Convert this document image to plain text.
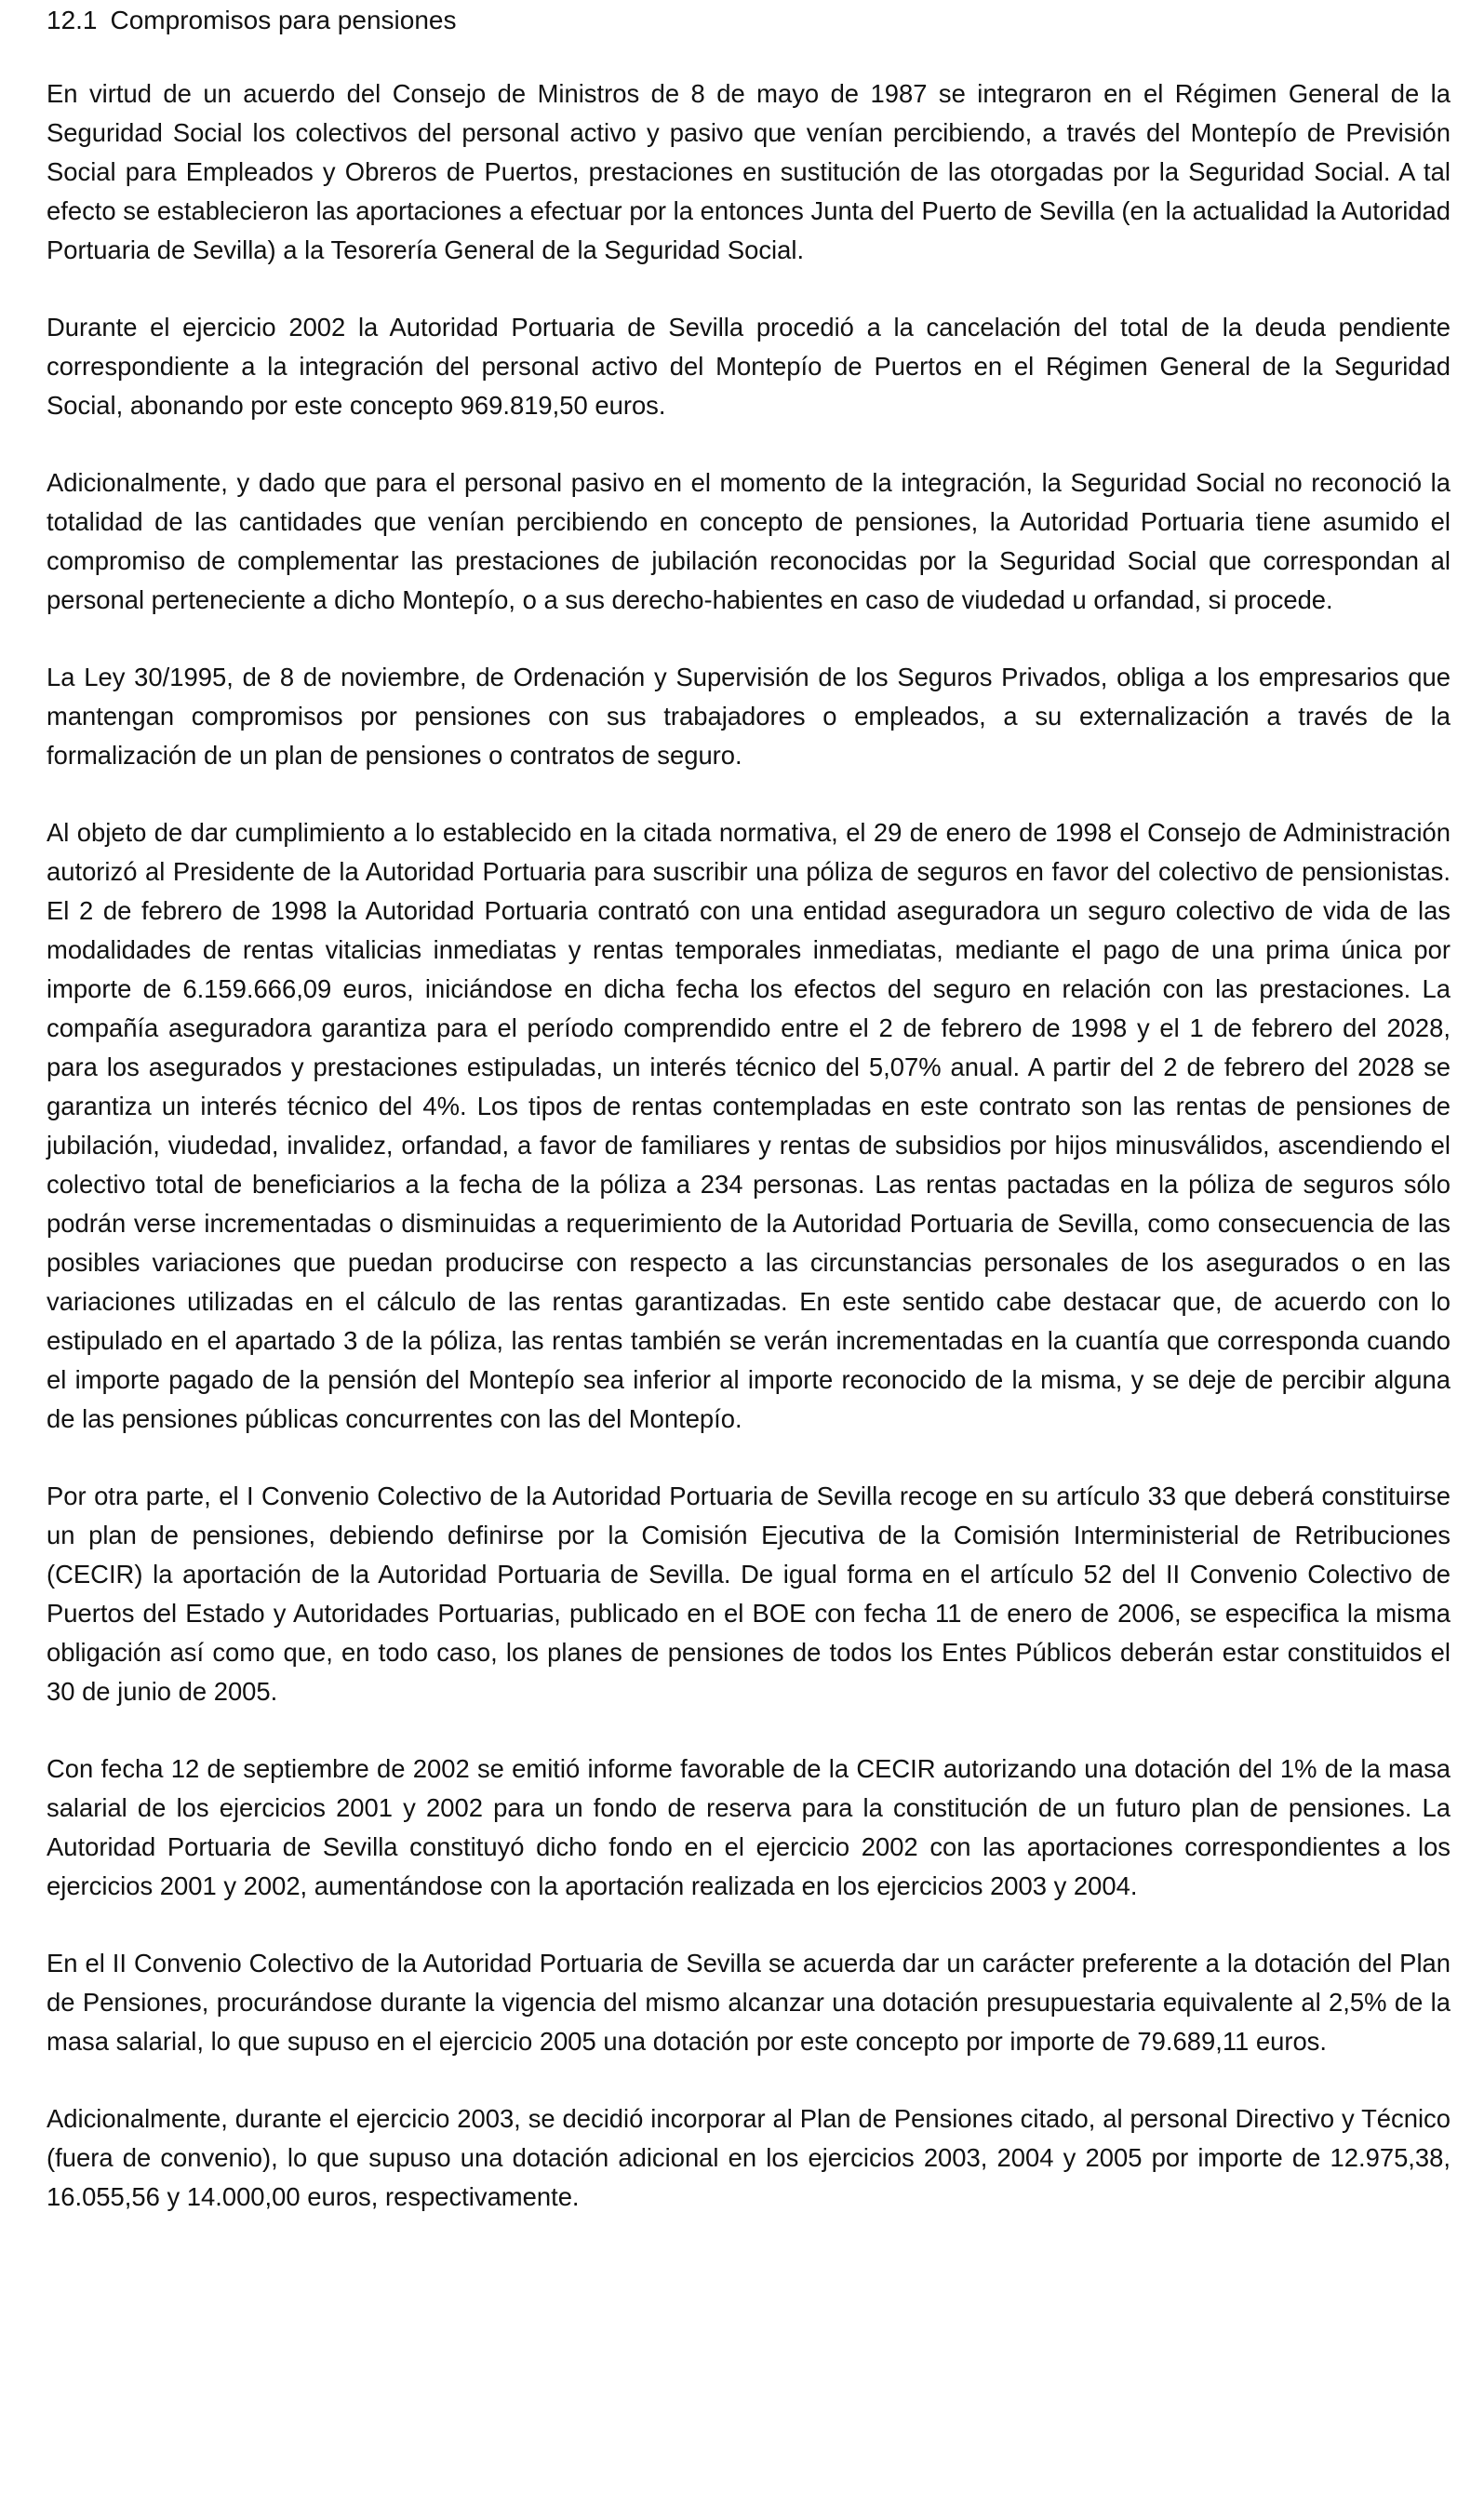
12.1 Compromisos para pensiones

En virtud de un acuerdo del Consejo de Ministros de 8 de mayo de 1987 se integraron en el Régimen General de la Seguridad Social los colectivos del personal activo y pasivo que venían percibiendo, a través del Montepío de Previsión Social para Empleados y Obreros de Puertos, prestaciones en sustitución de las otorgadas por la Seguridad Social. A tal efecto se establecieron las aportaciones a efectuar por la entonces Junta del Puerto de Sevilla (en la actualidad la Autoridad Portuaria de Sevilla) a la Tesorería General de la Seguridad Social.

Durante el ejercicio 2002 la Autoridad Portuaria de Sevilla procedió a la cancelación del total de la deuda pendiente correspondiente a la integración del personal activo del Montepío de Puertos en el Régimen General de la Seguridad Social, abonando por este concepto 969.819,50 euros.

Adicionalmente, y dado que para el personal pasivo en el momento de la integración, la Seguridad Social no reconoció la totalidad de las cantidades que venían percibiendo en concepto de pensiones, la Autoridad Portuaria tiene asumido el compromiso de complementar las prestaciones de jubilación reconocidas por la Seguridad Social que correspondan al personal perteneciente a dicho Montepío, o a sus derecho-habientes en caso de viudedad u orfandad, si procede.

La Ley 30/1995, de 8 de noviembre, de Ordenación y Supervisión de los Seguros Privados, obliga a los empresarios que mantengan compromisos por pensiones con sus trabajadores o empleados, a su externalización a través de la formalización de un plan de pensiones o contratos de seguro.

Al objeto de dar cumplimiento a lo establecido en la citada normativa, el 29 de enero de 1998 el Consejo de Administración autorizó al Presidente de la Autoridad Portuaria para suscribir una póliza de seguros en favor del colectivo de pensionistas. El 2 de febrero de 1998 la Autoridad Portuaria contrató con una entidad aseguradora un seguro colectivo de vida de las modalidades de rentas vitalicias inmediatas y rentas temporales inmediatas, mediante el pago de una prima única por importe de 6.159.666,09 euros, iniciándose en dicha fecha los efectos del seguro en relación con las prestaciones. La compañía aseguradora garantiza para el período comprendido entre el 2 de febrero de 1998 y el 1 de febrero del 2028, para los asegurados y prestaciones estipuladas, un interés técnico del 5,07% anual. A partir del 2 de febrero del 2028 se garantiza un interés técnico del 4%. Los tipos de rentas contempladas en este contrato son las rentas de pensiones de jubilación, viudedad, invalidez, orfandad, a favor de familiares y rentas de subsidios por hijos minusválidos, ascendiendo el colectivo total de beneficiarios a la fecha de la póliza a 234 personas. Las rentas pactadas en la póliza de seguros sólo podrán verse incrementadas o disminuidas a requerimiento de la Autoridad Portuaria de Sevilla, como consecuencia de las posibles variaciones que puedan producirse con respecto a las circunstancias personales de los asegurados o en las variaciones utilizadas en el cálculo de las rentas garantizadas. En este sentido cabe destacar que, de acuerdo con lo estipulado en el apartado 3 de la póliza, las rentas también se verán incrementadas en la cuantía que corresponda cuando el importe pagado de la pensión del Montepío sea inferior al importe reconocido de la misma, y se deje de percibir alguna de las pensiones públicas concurrentes con las del Montepío.

Por otra parte, el I Convenio Colectivo de la Autoridad Portuaria de Sevilla recoge en su artículo 33 que deberá constituirse un plan de pensiones, debiendo definirse por la Comisión Ejecutiva de la Comisión Interministerial de Retribuciones (CECIR) la aportación de la Autoridad Portuaria de Sevilla. De igual forma en el artículo 52 del II Convenio Colectivo de Puertos del Estado y Autoridades Portuarias, publicado en el BOE con fecha 11 de enero de 2006, se especifica la misma obligación así como que, en todo caso, los planes de pensiones de todos los Entes Públicos deberán estar constituidos el 30 de junio de 2005.

Con fecha 12 de septiembre de 2002 se emitió informe favorable de la CECIR autorizando una dotación del 1% de la masa salarial de los ejercicios 2001 y 2002 para un fondo de reserva para la constitución de un futuro plan de pensiones. La Autoridad Portuaria de Sevilla constituyó dicho fondo en el ejercicio 2002 con las aportaciones correspondientes a los ejercicios 2001 y 2002, aumentándose con la aportación realizada en los ejercicios 2003 y 2004.

En el II Convenio Colectivo de la Autoridad Portuaria de Sevilla se acuerda dar un carácter preferente a la dotación del Plan de Pensiones, procurándose durante la vigencia del mismo alcanzar una dotación presupuestaria equivalente al 2,5% de la masa salarial, lo que supuso en el ejercicio 2005 una dotación por este concepto por importe de 79.689,11 euros.

Adicionalmente, durante el ejercicio 2003, se decidió incorporar al Plan de Pensiones citado, al personal Directivo y Técnico (fuera de convenio), lo que supuso una dotación adicional en los ejercicios 2003, 2004 y 2005 por importe de 12.975,38, 16.055,56 y 14.000,00 euros, respectivamente.
